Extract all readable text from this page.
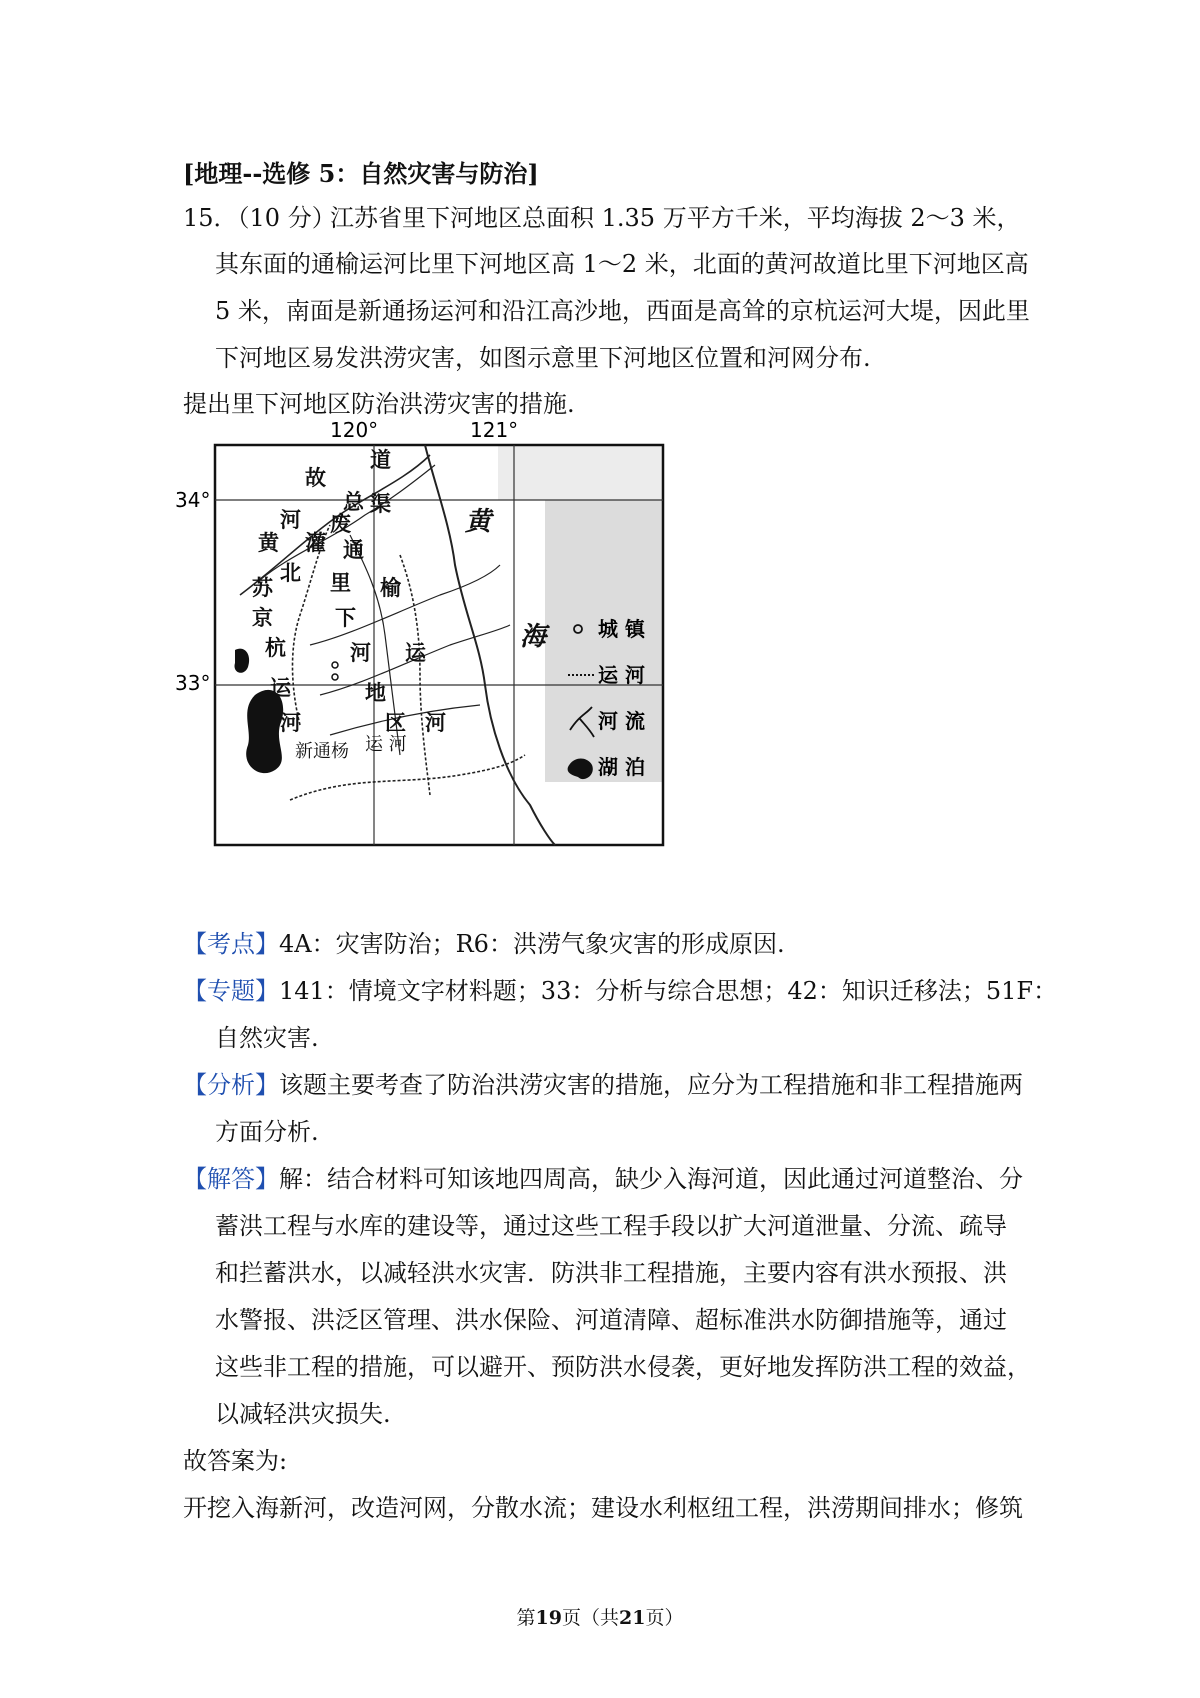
[地理--选修 5：自然灾害与防治]
15．（10 分）
江苏省里下河地区总面积 1.35 万平方千米，平均海拔 2～3 米，
其东面的通榆运河比里下河地区高 1～2 米，北面的黄河故道比里下河地区高
5 米，南面是新通扬运河和沿江高沙地，西面是高耸的京杭运河大堤，因此里
下河地区易发洪涝灾害，如图示意里下河地区位置和河网分布.
提出里下河地区防治洪涝灾害的措施.
120°	121°
34°
33°
道
故
河
黄
废
总 渠
灌 通
北
苏	里 榆
京	下
杭	河 运
运	地
河	区 河
新通杨 运 河
黄
海	城 镇
运 河
河 流
湖 泊
【考点】4A：灾害防治；R6：洪涝气象灾害的形成原因.
【专题】141：情境文字材料题；33：分析与综合思想；42：知识迁移法；51F：
自然灾害.
【分析】该题主要考查了防治洪涝灾害的措施，应分为工程措施和非工程措施两
方面分析.
【解答】解：结合材料可知该地四周高，缺少入海河道，因此通过河道整治、分
蓄洪工程与水库的建设等，通过这些工程手段以扩大河道泄量、分流、疏导
和拦蓄洪水，以减轻洪水灾害．防洪非工程措施，主要内容有洪水预报、洪
水警报、洪泛区管理、洪水保险、河道清障、超标准洪水防御措施等，通过
这些非工程的措施，可以避开、预防洪水侵袭，更好地发挥防洪工程的效益，
以减轻洪灾损失.
故答案为:
开挖入海新河，改造河网，分散水流；建设水利枢纽工程，洪涝期间排水；修筑
第19页（共21页）
